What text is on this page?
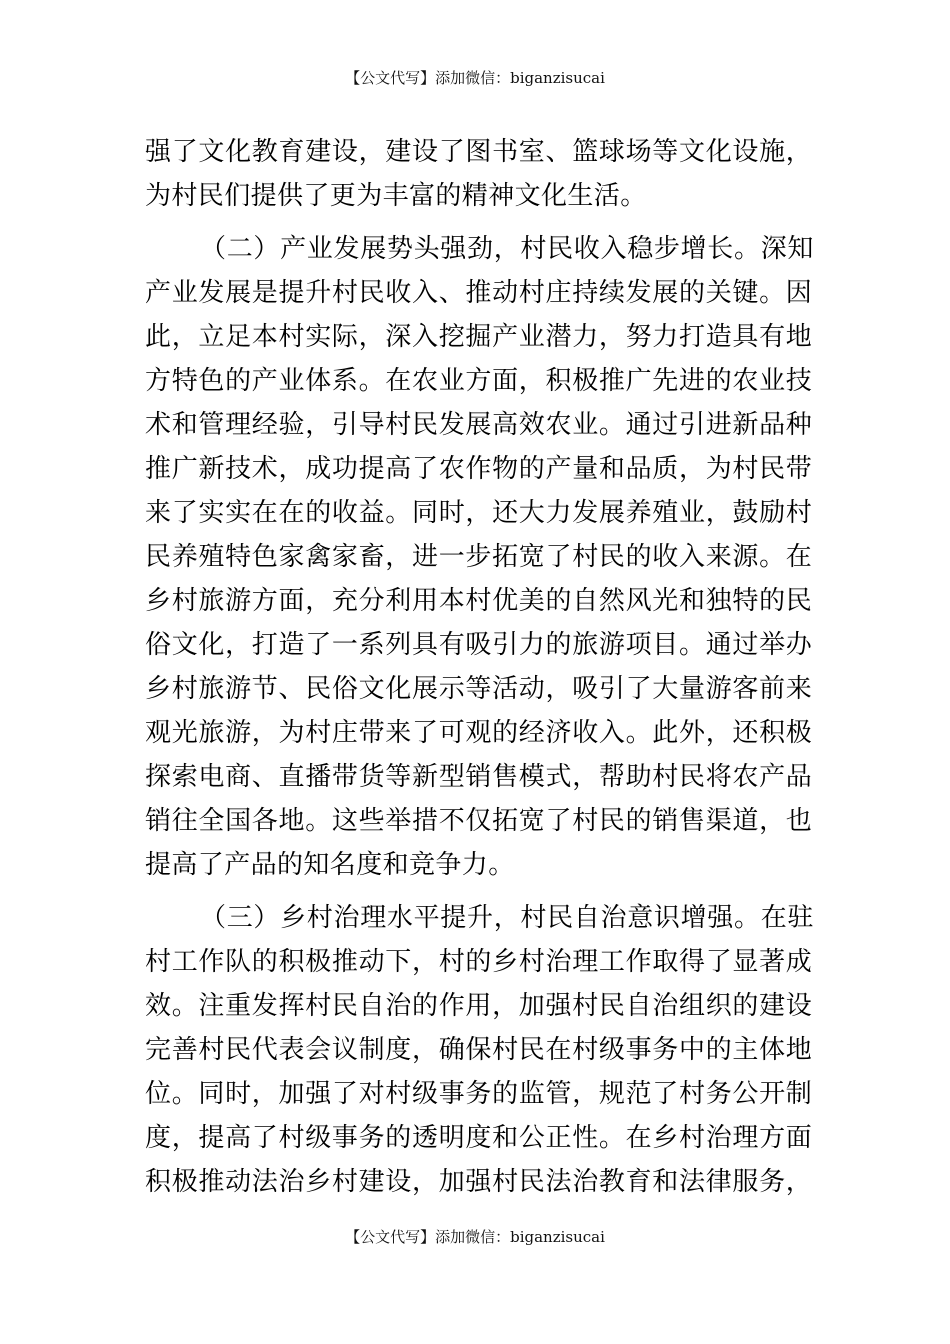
【公文代写】添加微信：biganzisucai
强了文化教育建设，建设了图书室、篮球场等文化设施，
为村民们提供了更为丰富的精神文化生活。
（二）产业发展势头强劲，村民收入稳步增长。深知
产业发展是提升村民收入、推动村庄持续发展的关键。因
此，立足本村实际，深入挖掘产业潜力，努力打造具有地
方特色的产业体系。在农业方面，积极推广先进的农业技
术和管理经验，引导村民发展高效农业。通过引进新品种
推广新技术，成功提高了农作物的产量和品质，为村民带
来了实实在在的收益。同时，还大力发展养殖业，鼓励村
民养殖特色家禽家畜，进一步拓宽了村民的收入来源。在
乡村旅游方面，充分利用本村优美的自然风光和独特的民
俗文化，打造了一系列具有吸引力的旅游项目。通过举办
乡村旅游节、民俗文化展示等活动，吸引了大量游客前来
观光旅游，为村庄带来了可观的经济收入。此外，还积极
探索电商、直播带货等新型销售模式，帮助村民将农产品
销往全国各地。这些举措不仅拓宽了村民的销售渠道，也
提高了产品的知名度和竞争力。
（三）乡村治理水平提升，村民自治意识增强。在驻
村工作队的积极推动下，村的乡村治理工作取得了显著成
效。注重发挥村民自治的作用，加强村民自治组织的建设
完善村民代表会议制度，确保村民在村级事务中的主体地
位。同时，加强了对村级事务的监管，规范了村务公开制
度，提高了村级事务的透明度和公正性。在乡村治理方面
积极推动法治乡村建设，加强村民法治教育和法律服务，
【公文代写】添加微信：biganzisucai
